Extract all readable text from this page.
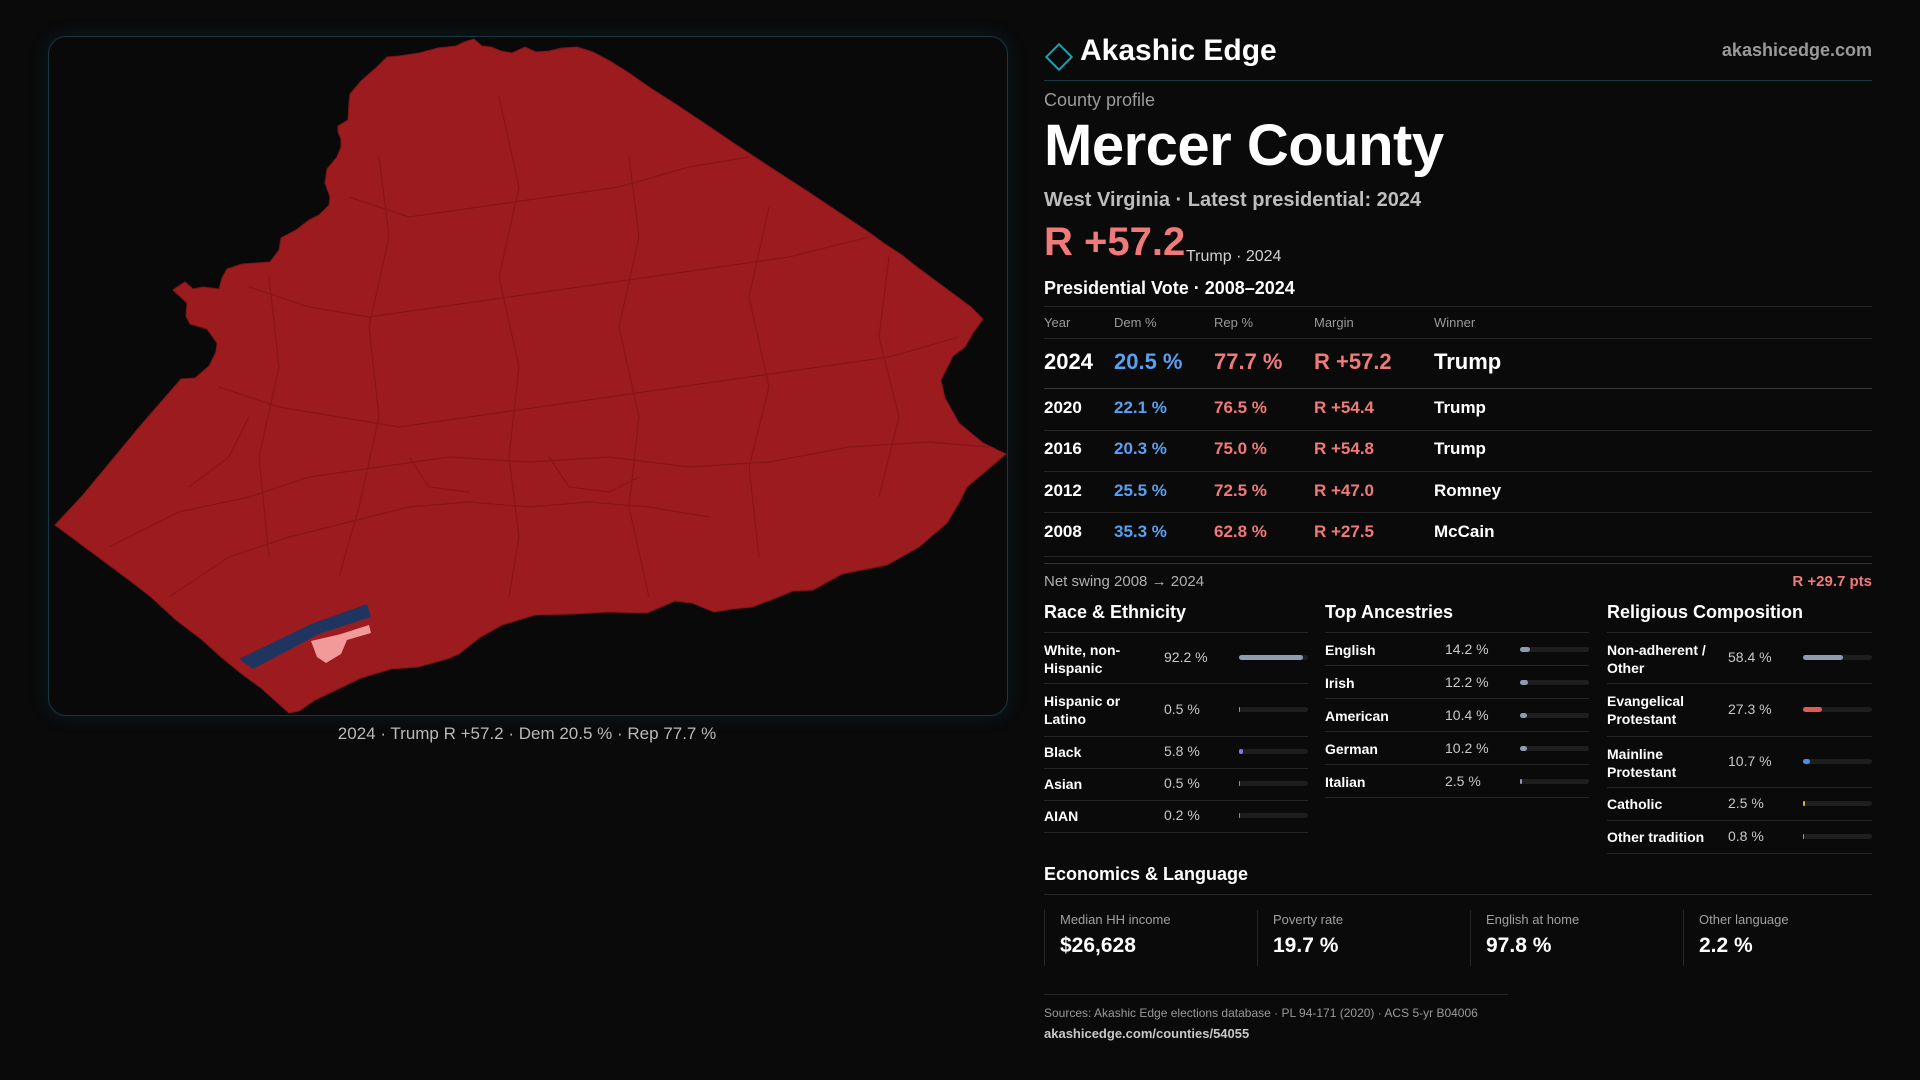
2024 · Trump R +57.2 · Dem 20.5 % · Rep 77.7 %
Akashic Edge	akashicedge.com
County profile
Mercer County
West Virginia · Latest presidential: 2024
R +57.2 Trump · 2024
Presidential Vote · 2008–2024
Year	Dem %	Rep %	Margin	Winner
2024 20.5 % 77.7 % R +57.2 Trump
2020 22.1 %	76.5 %	R +54.4	Trump
2016 20.3 %	75.0 %	R +54.8	Trump
2012 25.5 %	72.5 %	R +47.0	Romney
2008 35.3 %	62.8 %	R +27.5	McCain
Net swing 2008 → 2024	R +29.7 pts
Race & Ethnicity
White, non-Hispanic
92.2 %
Hispanic or Latino
0.5 %
Black	5.8 %
Asian	0.5 %
AIAN	0.2 %
Top Ancestries
English	14.2 %
Irish	12.2 %
American	10.4 %
German	10.2 %
Italian	2.5 %
Religious Composition
Non-adherent / Other
58.4 %
Evangelical Protestant
27.3 %
Mainline Protestant
10.7 %
Catholic	2.5 %
Other tradition	0.8 %
Economics & Language
Median HH income
$26,628
Poverty rate
19.7 %
English at home
97.8 %
Other language
2.2 %
Sources: Akashic Edge elections database · PL 94-171 (2020) · ACS 5-yr B04006
akashicedge.com/counties/54055
